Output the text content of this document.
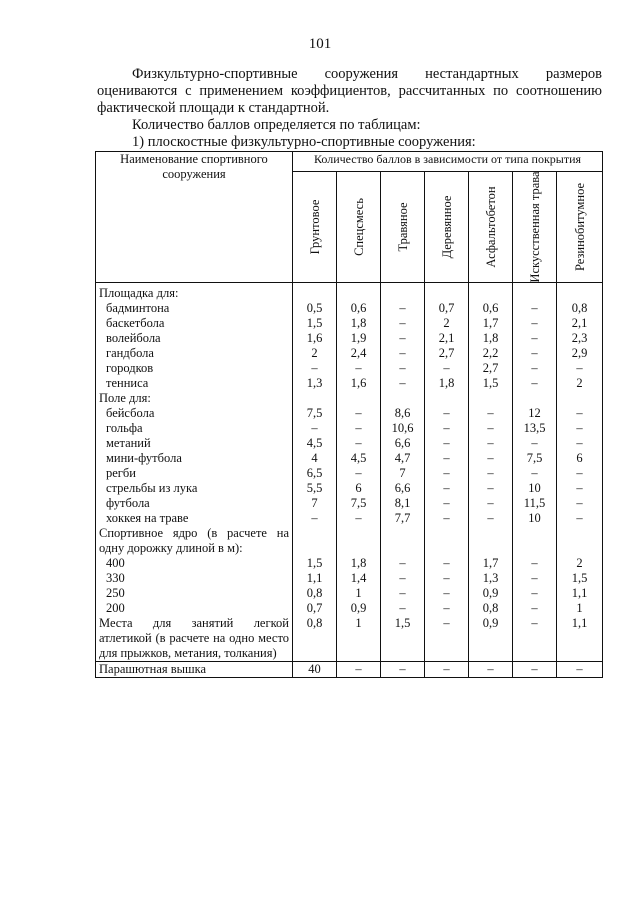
101

Физкультурно-спортивные сооружения нестандартных размеров оцениваются с применением коэффициентов, рассчитанных по соотношению фактической площади к стандартной.

Количество баллов определяется по таблицам:

1) плоскостные физкультурно-спортивные сооружения:

Наименование спортивного сооружения	Количество баллов в зависимости от типа покрытия						

	Грунтовое	Спецсмесь	Травяное	Деревянное	Асфальтобетон	Искусственная трава	Резинобитумное

Площадка для:							
бадминтона	0,5	0,6	–	0,7	0,6	–	0,8
баскетбола	1,5	1,8	–	2	1,7	–	2,1
волейбола	1,6	1,9	–	2,1	1,8	–	2,3
гандбола	2	2,4	–	2,7	2,2	–	2,9
городков	–	–	–	–	2,7	–	–
тенниса	1,3	1,6	–	1,8	1,5	–	2
Поле для:							
бейсбола	7,5	–	8,6	–	–	12	–
гольфа	–	–	10,6	–	–	13,5	–
метаний	4,5	–	6,6	–	–	–	–
мини-футбола	4	4,5	4,7	–	–	7,5	6
регби	6,5	–	7	–	–	–	–
стрельбы из лука	5,5	6	6,6	–	–	10	–
футбола	7	7,5	8,1	–	–	11,5	–
хоккея на траве	–	–	7,7	–	–	10	–
Спортивное ядро (в расчете на одну дорожку длиной в м):							
400	1,5	1,8	–	–	1,7	–	2
330	1,1	1,4	–	–	1,3	–	1,5
250	0,8	1	–	–	0,9	–	1,1
200	0,7	0,9	–	–	0,8	–	1
Места для занятий легкой атлетикой (в расчете на одно место для прыжков, метания, толкания)	0,8	1	1,5	–	0,9	–	1,1
Парашютная вышка	40	–	–	–	–	–	–
